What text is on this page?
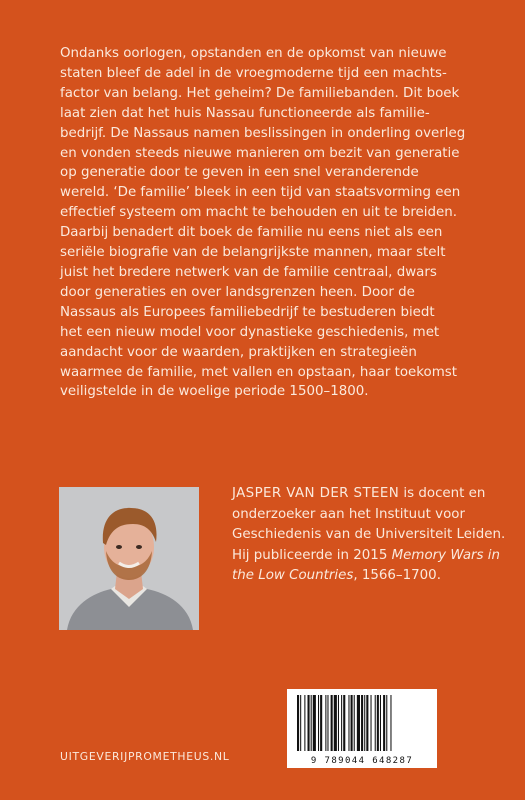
Ondanks oorlogen, opstanden en de opkomst van nieuwe
staten bleef de adel in de vroegmoderne tijd een machts-
factor van belang. Het geheim? De familiebanden. Dit boek
laat zien dat het huis Nassau functioneerde als familie-
bedrijf. De Nassaus namen beslissingen in onderling overleg
en vonden steeds nieuwe manieren om bezit van generatie
op generatie door te geven in een snel veranderende
wereld. ‘De familie’ bleek in een tijd van staatsvorming een
effectief systeem om macht te behouden en uit te breiden.
Daarbij benadert dit boek de familie nu eens niet als een
seriële biografie van de belangrijkste mannen, maar stelt
juist het bredere netwerk van de familie centraal, dwars
door generaties en over landsgrenzen heen. Door de
Nassaus als Europees familiebedrijf te bestuderen biedt
het een nieuw model voor dynastieke geschiedenis, met
aandacht voor de waarden, praktijken en strategieën
waarmee de familie, met vallen en opstaan, haar toekomst
veiligstelde in de woelige periode 1500–1800.
JASPER VAN DER STEEN is docent en
onderzoeker aan het Instituut voor
Geschiedenis van de Universiteit Leiden.
Hij publiceerde in 2015 Memory Wars in
the Low Countries, 1566–1700.
UITGEVERIJPROMETHEUS.NL	9 789044 648287
